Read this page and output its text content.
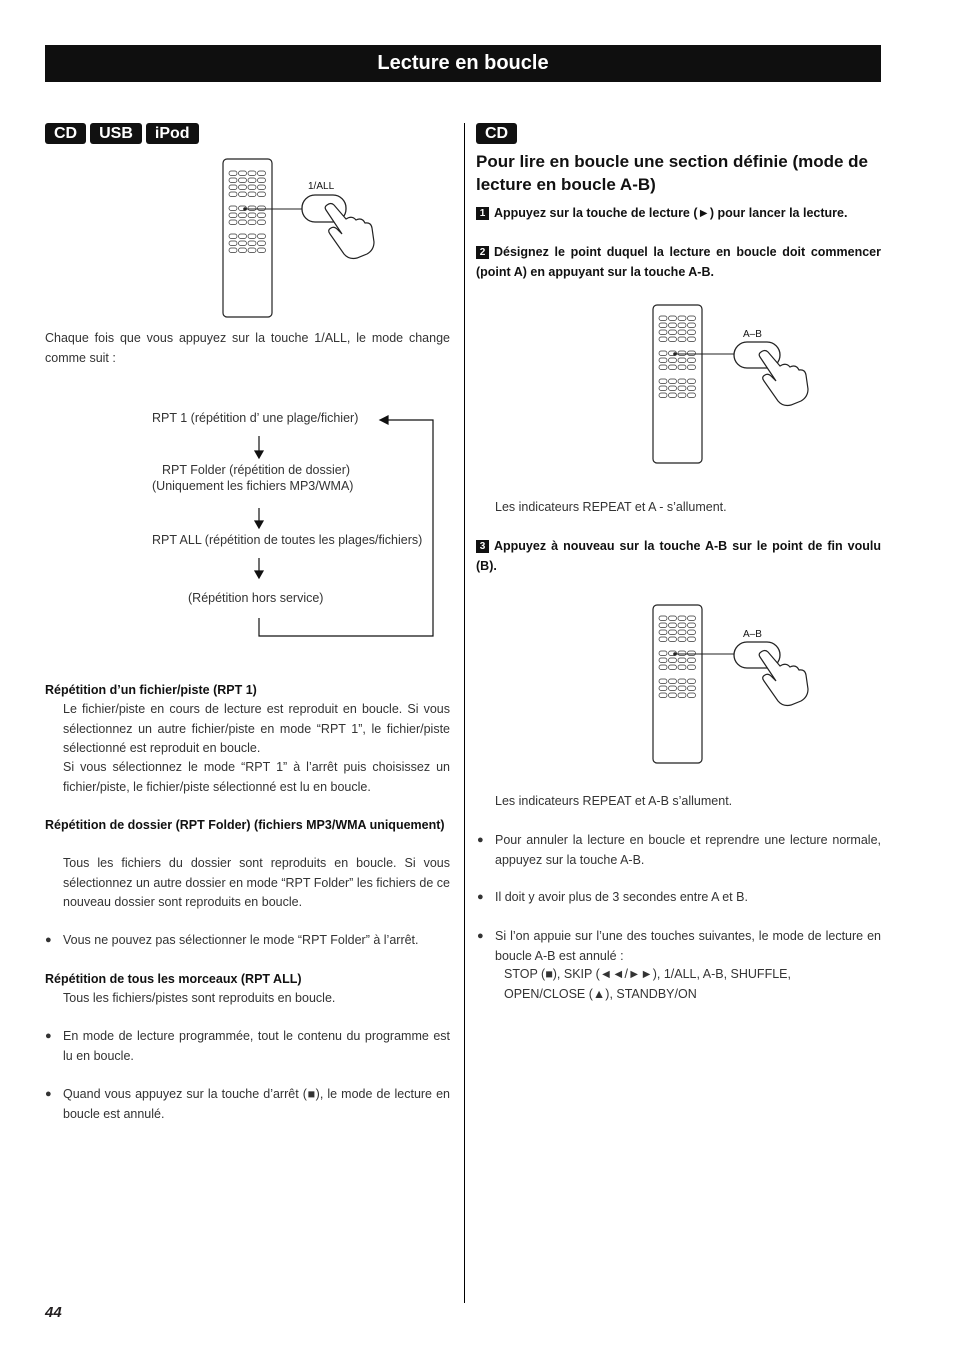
Lecture en boucle
CD	USB	iPod
1/ALL
Chaque fois que vous appuyez sur la touche 1/ALL, le mode change comme suit :
RPT 1 (répétition d’ une plage/fichier)
RPT Folder (répétition de dossier)
(Uniquement les fichiers MP3/WMA)
RPT ALL (répétition de toutes les plages/fichiers)
(Répétition hors service)
Répétition d’un fichier/piste (RPT 1)
Le fichier/piste en cours de lecture est reproduit en boucle. Si vous sélectionnez un autre fichier/piste en mode “RPT 1”, le fichier/piste sélectionné est reproduit en boucle.
Si vous sélectionnez le mode “RPT 1” à l’arrêt puis choisissez un fichier/piste, le fichier/piste sélectionné est lu en boucle.
Répétition de dossier (RPT Folder) (fichiers MP3/WMA uniquement)
Tous les fichiers du dossier sont reproduits en boucle. Si vous sélectionnez un autre dossier en mode “RPT Folder” les fichiers de ce nouveau dossier sont reproduits en boucle.
● Vous ne pouvez pas sélectionner le mode “RPT Folder” à l’arrêt.
Répétition de tous les morceaux (RPT ALL)
Tous les fichiers/pistes sont reproduits en boucle.
● En mode de lecture programmée, tout le contenu du programme est lu en boucle.
● Quand vous appuyez sur la touche d’arrêt (■), le mode de lecture en boucle est annulé.
CD
Pour lire en boucle une section définie (mode de lecture en boucle A-B)
1 Appuyez sur la touche de lecture (►) pour lancer la lecture.
2 Désignez le point duquel la lecture en boucle doit commencer (point A) en appuyant sur la touche A-B.
A–B
Les indicateurs REPEAT et A - s’allument.
3 Appuyez à nouveau sur la touche A-B sur le point de fin voulu (B).
A–B
Les indicateurs REPEAT et A-B s’allument.
● Pour annuler la lecture en boucle et reprendre une lecture normale, appuyez sur la touche A-B.
● Il doit y avoir plus de 3 secondes entre A et B.
● Si l’on appuie sur l’une des touches suivantes, le mode de lecture en boucle A-B est annulé :
STOP (■), SKIP (◄◄/►►), 1/ALL, A-B, SHUFFLE,
OPEN/CLOSE (▲), STANDBY/ON
44
